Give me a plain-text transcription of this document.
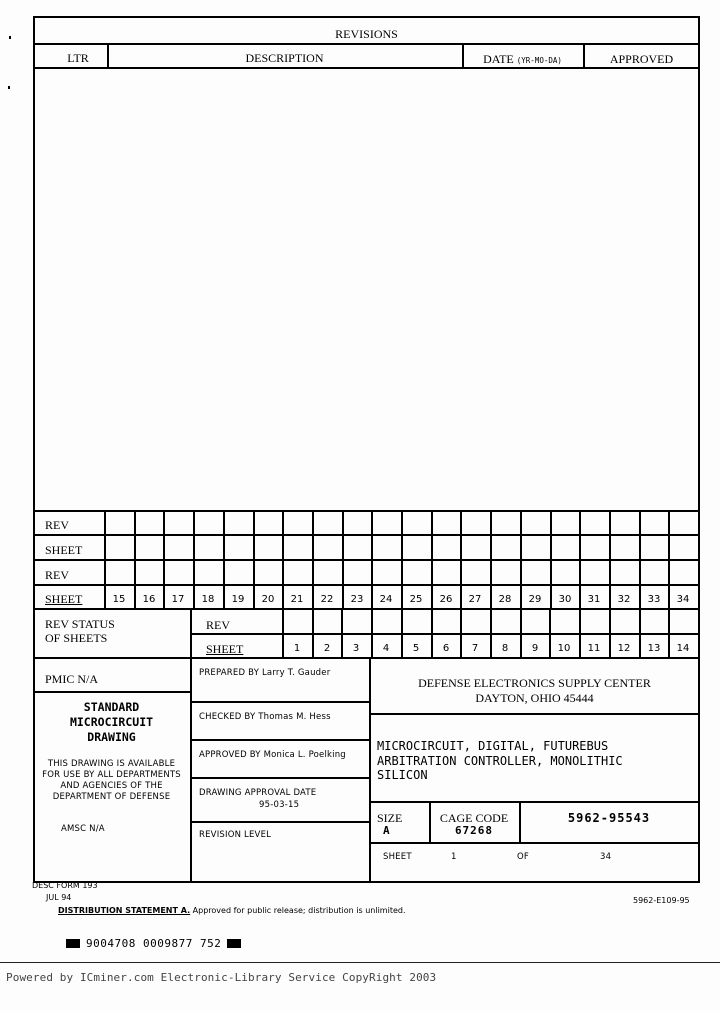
REVISIONS
LTR	DESCRIPTION	DATE (YR-MO-DA)	APPROVED
REV
SHEET
REV
SHEET	15	16	17	18	19	20	21	22	23	24	25	26	27	28	29	30	31	32	33	34
REV STATUS
OF SHEETS
REV
SHEET	1	2	3	4	5	6	7	8	9	10	11	12	13	14
PMIC N/A
STANDARD
MICROCIRCUIT
DRAWING
THIS DRAWING IS AVAILABLE
FOR USE BY ALL DEPARTMENTS
AND AGENCIES OF THE
DEPARTMENT OF DEFENSE
AMSC N/A
PREPARED BY Larry T. Gauder
CHECKED BY Thomas M. Hess
APPROVED BY Monica L. Poelking
DRAWING APPROVAL DATE
95-03-15
REVISION LEVEL
DEFENSE ELECTRONICS SUPPLY CENTER
DAYTON, OHIO 45444
MICROCIRCUIT, DIGITAL, FUTUREBUS
ARBITRATION CONTROLLER, MONOLITHIC
SILICON
SIZE
A
CAGE CODE
67268
5962-95543
SHEET	1	OF	34
DESC FORM 193
JUL 94
DISTRIBUTION STATEMENT A. Approved for public release; distribution is unlimited.
5962-E109-95
9004708 0009877 752
Powered by ICminer.com Electronic-Library Service CopyRight 2003
